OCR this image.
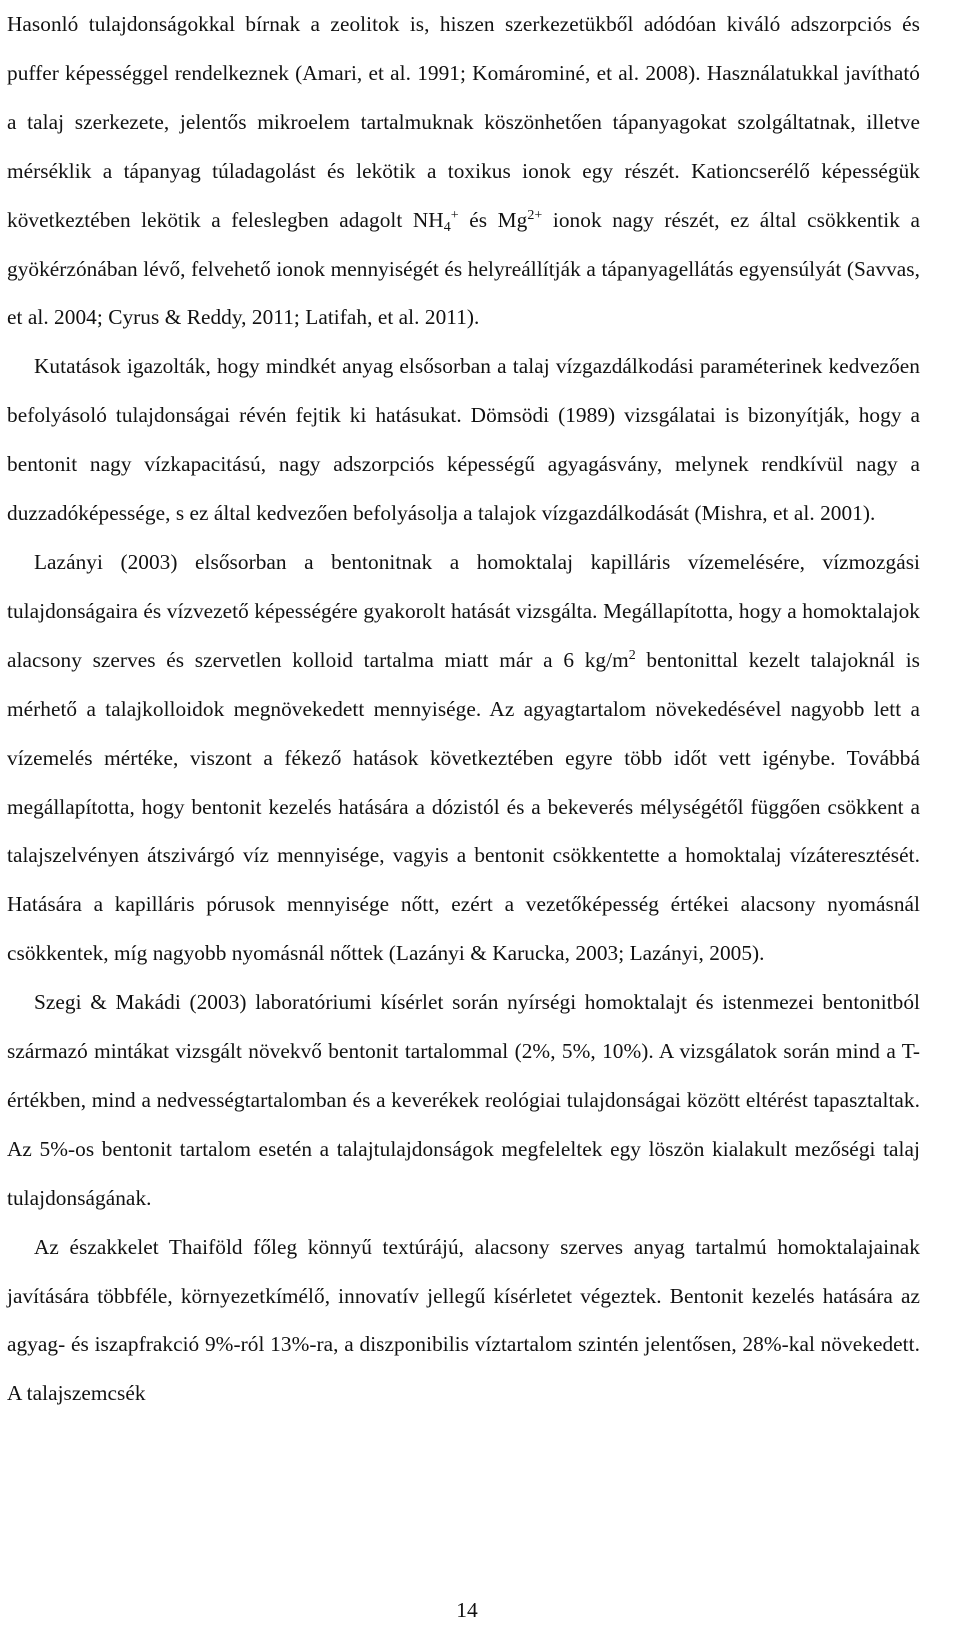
Hasonló tulajdonságokkal bírnak a zeolitok is, hiszen szerkezetükből adódóan kiváló adszorpciós és puffer képességgel rendelkeznek (Amari, et al. 1991; Komárominé, et al. 2008). Használatukkal javítható a talaj szerkezete, jelentős mikroelem tartalmuknak köszönhetően tápanyagokat szolgáltatnak, illetve mérséklik a tápanyag túladagolást és lekötik a toxikus ionok egy részét. Kationcserélő képességük következtében lekötik a feleslegben adagolt $NH_4^+$ és $Mg^{2+}$ ionok nagy részét, ez által csökkentik a gyökérzónában lévő, felvehető ionok mennyiségét és helyreállítják a tápanyagellátás egyensúlyát (Savvas, et al. 2004; Cyrus & Reddy, 2011; Latifah, et al. 2011).

Kutatások igazolták, hogy mindkét anyag elsősorban a talaj vízgazdálkodási paraméterinek kedvezően befolyásoló tulajdonságai révén fejtik ki hatásukat. Dömsödi (1989) vizsgálatai is bizonyítják, hogy a bentonit nagy vízkapacitású, nagy adszorpciós képességű agyagásvány, melynek rendkívül nagy a duzzadóképessége, s ez által kedvezően befolyásolja a talajok vízgazdálkodását (Mishra, et al. 2001).

Lazányi (2003) elsősorban a bentonitnak a homoktalaj kapilláris vízemelésére, vízmozgási tulajdonságaira és vízvezető képességére gyakorolt hatását vizsgálta. Megállapította, hogy a homoktalajok alacsony szerves és szervetlen kolloid tartalma miatt már a 6 $kg/m^2$ bentonittal kezelt talajoknál is mérhető a talajkolloidok megnövekedett mennyisége. Az agyagtartalom növekedésével nagyobb lett a vízemelés mértéke, viszont a fékező hatások következtében egyre több időt vett igénybe. Továbbá megállapította, hogy bentonit kezelés hatására a dózistól és a bekeverés mélységétől függően csökkent a talajszelvényen átszivárgó víz mennyisége, vagyis a bentonit csökkentette a homoktalaj vízáteresztését. Hatására a kapilláris pórusok mennyisége nőtt, ezért a vezetőképesség értékei alacsony nyomásnál csökkentek, míg nagyobb nyomásnál nőttek (Lazányi & Karucka, 2003; Lazányi, 2005).

Szegi & Makádi (2003) laboratóriumi kísérlet során nyírségi homoktalajt és istenmezei bentonitból származó mintákat vizsgált növekvő bentonit tartalommal (2%, 5%, 10%). A vizsgálatok során mind a T-értékben, mind a nedvességtartalomban és a keverékek reológiai tulajdonságai között eltérést tapasztaltak. Az 5%-os bentonit tartalom esetén a talajtulajdonságok megfeleltek egy löszön kialakult mezőségi talaj tulajdonságának.

Az északkelet Thaiföld főleg könnyű textúrájú, alacsony szerves anyag tartalmú homoktalajainak javítására többféle, környezetkímélő, innovatív jellegű kísérletet végeztek. Bentonit kezelés hatására az agyag- és iszapfrakció 9%-ról 13%-ra, a diszponibilis víztartalom szintén jelentősen, 28%-kal növekedett. A talajszemcsék

14
